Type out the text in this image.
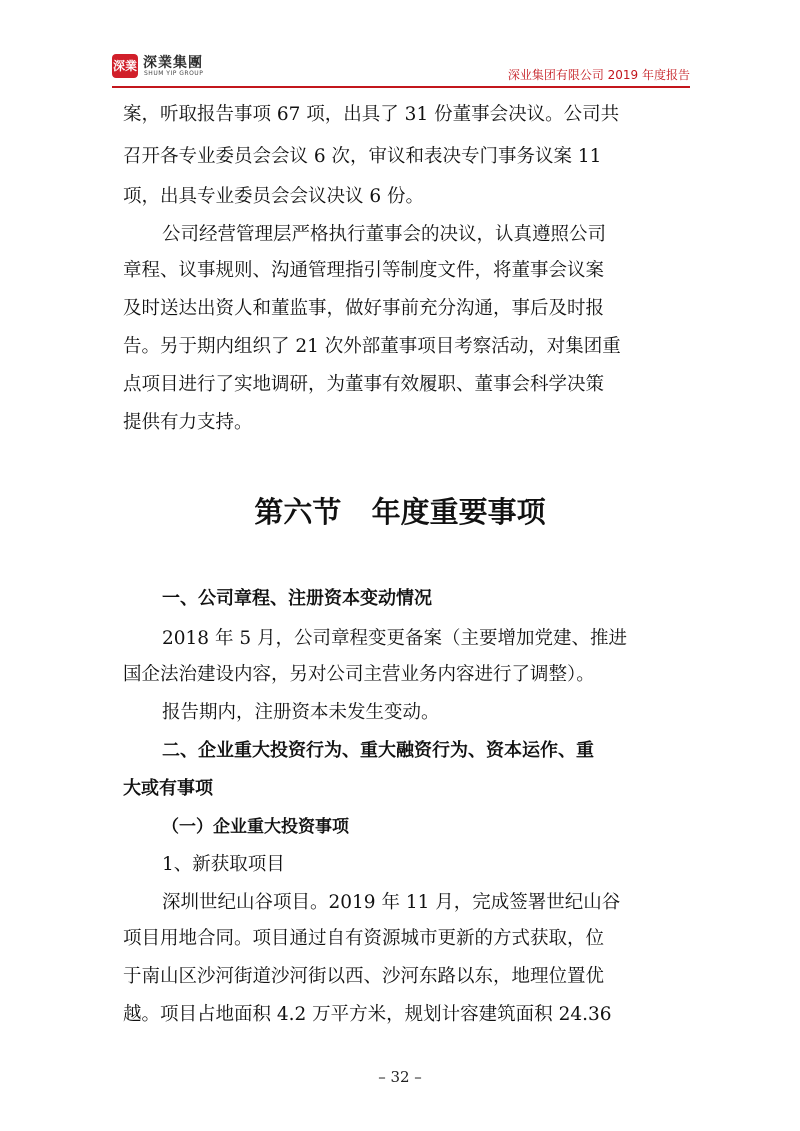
深業 深業集團
SHUM YIP GROUP	深业集团有限公司 2019 年度报告

案，听取报告事项 67 项，出具了 31 份董事会决议。公司共

召开各专业委员会会议 6 次，审议和表决专门事务议案 11

项，出具专业委员会会议决议 6 份。

公司经营管理层严格执行董事会的决议，认真遵照公司

章程、议事规则、沟通管理指引等制度文件，将董事会议案

及时送达出资人和董监事，做好事前充分沟通，事后及时报

告。另于期内组织了 21 次外部董事项目考察活动，对集团重

点项目进行了实地调研，为董事有效履职、董事会科学决策

提供有力支持。

第六节   年度重要事项

一、公司章程、注册资本变动情况

2018 年 5 月，公司章程变更备案（主要增加党建、推进

国企法治建设内容，另对公司主营业务内容进行了调整）。

报告期内，注册资本未发生变动。

二、企业重大投资行为、重大融资行为、资本运作、重

大或有事项

（一）企业重大投资事项

1、新获取项目

深圳世纪山谷项目。2019 年 11 月，完成签署世纪山谷

项目用地合同。项目通过自有资源城市更新的方式获取，位

于南山区沙河街道沙河街以西、沙河东路以东，地理位置优

越。项目占地面积 4.2 万平方米，规划计容建筑面积 24.36

– 32 –
